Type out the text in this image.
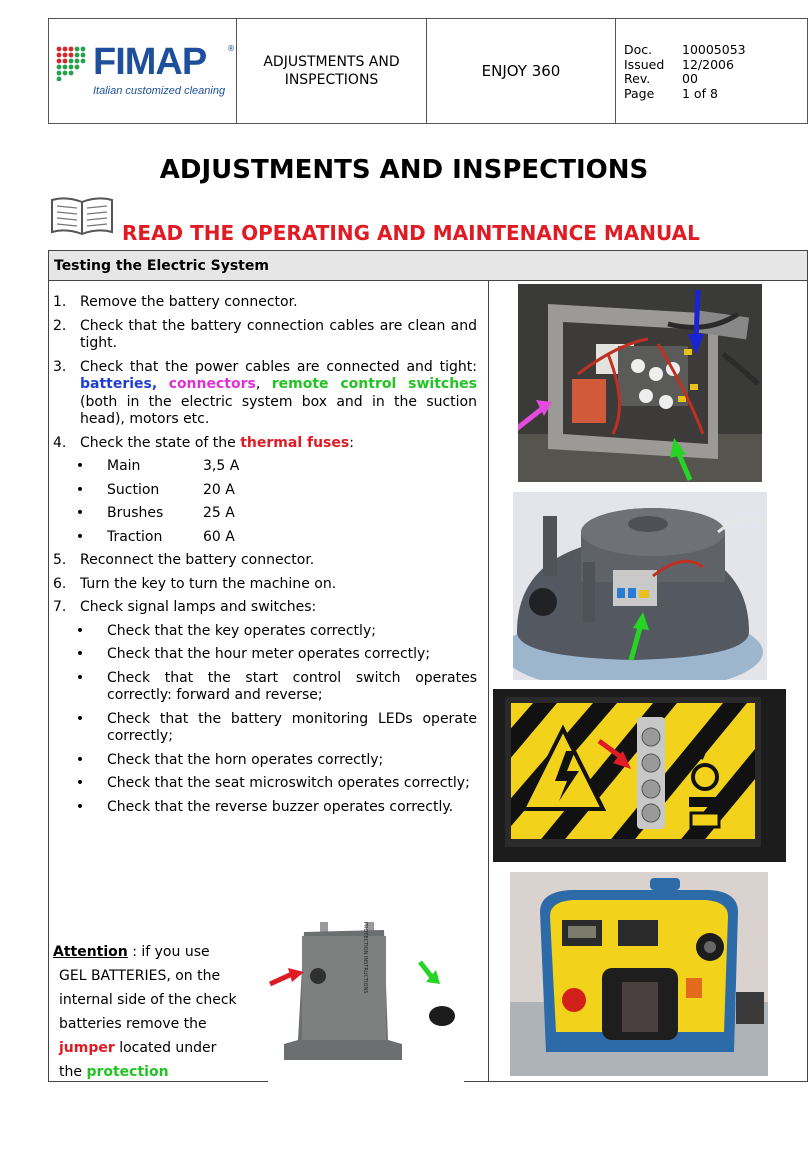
FIMAP	®
Italian customized cleaning
ADJUSTMENTS AND INSPECTIONS	ENJOY 360
Doc.	10005053
Issued	12/2006
Rev.	00
Page	1 of 8
ADJUSTMENTS AND INSPECTIONS
READ THE OPERATING AND MAINTENANCE MANUAL
Testing the Electric System
1. Remove the battery connector.
2. Check that the battery connection cables are clean and tight.
3. Check that the power cables are connected and tight: batteries, connectors, remote control switches (both in the electric system box and in the suction head), motors etc.
4. Check the state of the thermal fuses:
•	Main	3,5 A
•	Suction	20 A
•	Brushes	25 A
•	Traction	60 A
5. Reconnect the battery connector.
6. Turn the key to turn the machine on.
7. Check signal lamps and switches:
•	Check that the key operates correctly;
•	Check that the hour meter operates correctly;
•	Check that the start control switch operates correctly: forward and reverse;
•	Check that the battery monitoring LEDs operate correctly;
•	Check that the horn operates correctly;
•	Check that the seat microswitch operates correctly;
•	Check that the reverse buzzer operates correctly.
Attention : if you use
GEL BATTERIES, on the
internal side of the check
batteries remove the
jumper located under
the protection
PROTECTION INSTRUCTIONS
